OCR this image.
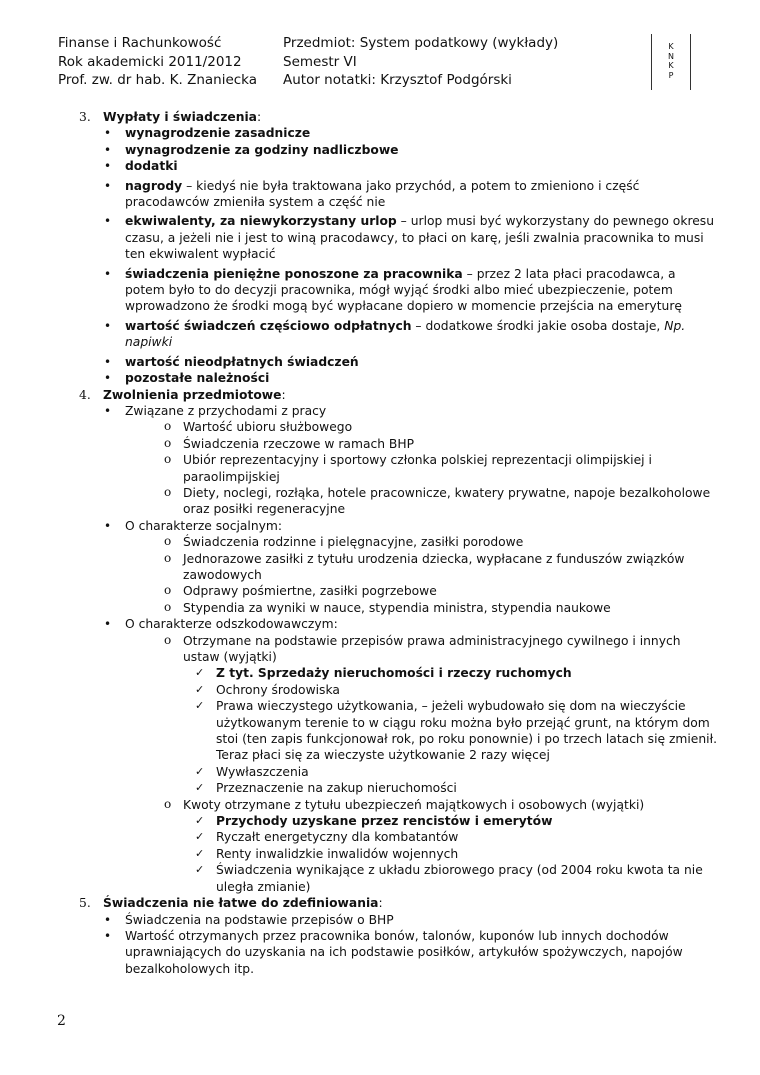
Finanse i Rachunkowość
Rok akademicki 2011/2012
Prof. zw. dr hab. K. Znaniecka
Przedmiot: System podatkowy (wykłady)
Semestr VI
Autor notatki: Krzysztof Podgórski
K
N
K
P
3. Wypłaty i świadczenia:
• wynagrodzenie zasadnicze
• wynagrodzenie za godziny nadliczbowe
• dodatki
• nagrody – kiedyś nie była traktowana jako przychód, a potem to zmieniono i część pracodawców zmieniła system a część nie
• ekwiwalenty, za niewykorzystany urlop – urlop musi być wykorzystany do pewnego okresu czasu, a jeżeli nie i jest to winą pracodawcy, to płaci on karę, jeśli zwalnia pracownika to musi ten ekwiwalent wypłacić
• świadczenia pieniężne ponoszone za pracownika – przez 2 lata płaci pracodawca, a potem było to do decyzji pracownika, mógł wyjąć środki albo mieć ubezpieczenie, potem wprowadzono że środki mogą być wypłacane dopiero w momencie przejścia na emeryturę
• wartość świadczeń częściowo odpłatnych – dodatkowe środki jakie osoba dostaje, Np. napiwki
• wartość nieodpłatnych świadczeń
• pozostałe należności
4. Zwolnienia przedmiotowe:
• Związane z przychodami z pracy
o Wartość ubioru służbowego
o Świadczenia rzeczowe w ramach BHP
o Ubiór reprezentacyjny i sportowy członka polskiej reprezentacji olimpijskiej i paraolimpijskiej
o Diety, noclegi, rozłąka, hotele pracownicze, kwatery prywatne, napoje bezalkoholowe oraz posiłki regeneracyjne
• O charakterze socjalnym:
o Świadczenia rodzinne i pielęgnacyjne, zasiłki porodowe
o Jednorazowe zasiłki z tytułu urodzenia dziecka, wypłacane z funduszów związków zawodowych
o Odprawy pośmiertne, zasiłki pogrzebowe
o Stypendia za wyniki w nauce, stypendia ministra, stypendia naukowe
• O charakterze odszkodowawczym:
o Otrzymane na podstawie przepisów prawa administracyjnego cywilnego i innych ustaw (wyjątki)
✓ Z tyt. Sprzedaży nieruchomości i rzeczy ruchomych
✓ Ochrony środowiska
✓ Prawa wieczystego użytkowania, – jeżeli wybudowało się dom na wieczyście użytkowanym terenie to w ciągu roku można było przejąć grunt, na którym dom stoi (ten zapis funkcjonował rok, po roku ponownie) i po trzech latach się zmienił. Teraz płaci się za wieczyste użytkowanie 2 razy więcej
✓ Wywłaszczenia
✓ Przeznaczenie na zakup nieruchomości
o Kwoty otrzymane z tytułu ubezpieczeń majątkowych i osobowych (wyjątki)
✓ Przychody uzyskane przez rencistów i emerytów
✓ Ryczałt energetyczny dla kombatantów
✓ Renty inwalidzkie inwalidów wojennych
✓ Świadczenia wynikające z układu zbiorowego pracy (od 2004 roku kwota ta nie uległa zmianie)
5. Świadczenia nie łatwe do zdefiniowania:
• Świadczenia na podstawie przepisów o BHP
• Wartość otrzymanych przez pracownika bonów, talonów, kuponów lub innych dochodów uprawniających do uzyskania na ich podstawie posiłków, artykułów spożywczych, napojów bezalkoholowych itp.
2
